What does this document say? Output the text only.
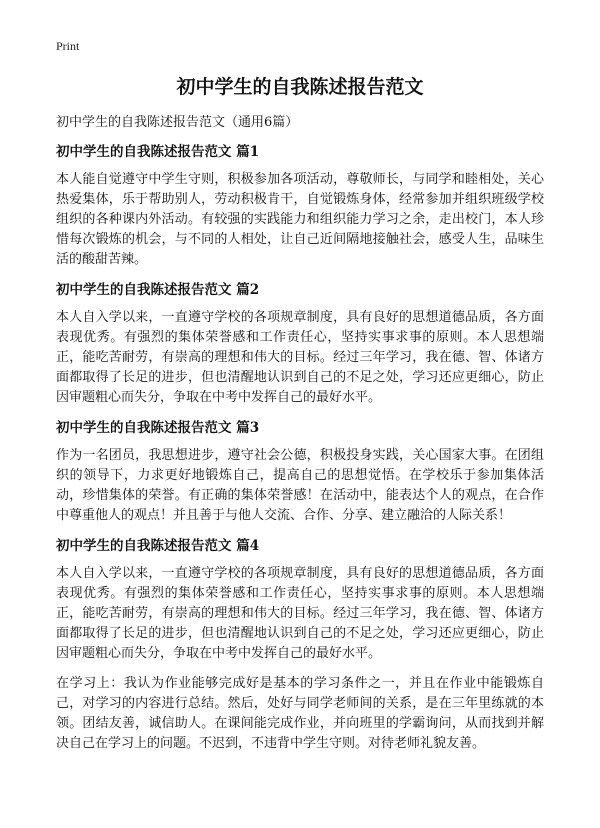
Print
初中学生的自我陈述报告范文
初中学生的自我陈述报告范文（通用6篇）
初中学生的自我陈述报告范文 篇1

本人能自觉遵守中学生守则，积极参加各项活动，尊敬师长，与同学和睦相处，关心热爱集体，乐于帮助别人，劳动积极肯干，自觉锻炼身体，经常参加并组织班级学校组织的各种课内外活动。有较强的实践能力和组织能力学习之余，走出校门，本人珍惜每次锻炼的机会，与不同的人相处，让自己近间隔地接触社会，感受人生，品味生活的酸甜苦辣。

初中学生的自我陈述报告范文 篇2

本人自入学以来，一直遵守学校的各项规章制度，具有良好的思想道德品质，各方面表现优秀。有强烈的集体荣誉感和工作责任心，坚持实事求事的原则。本人思想端正，能吃苦耐劳，有崇高的理想和伟大的目标。经过三年学习，我在德、智、体诸方面都取得了长足的进步，但也清醒地认识到自己的不足之处，学习还应更细心，防止因审题粗心而失分，争取在中考中发挥自己的最好水平。

初中学生的自我陈述报告范文 篇3

作为一名团员，我思想进步，遵守社会公德，积极投身实践，关心国家大事。在团组织的领导下，力求更好地锻炼自己，提高自己的思想觉悟。在学校乐于参加集体活动，珍惜集体的荣誉。有正确的集体荣誉感！在活动中，能表达个人的观点，在合作中尊重他人的观点！并且善于与他人交流、合作、分享、建立融洽的人际关系！

初中学生的自我陈述报告范文 篇4

本人自入学以来，一直遵守学校的各项规章制度，具有良好的思想道德品质，各方面表现优秀。有强烈的集体荣誉感和工作责任心，坚持实事求事的原则。本人思想端正，能吃苦耐劳，有崇高的理想和伟大的目标。经过三年学习，我在德、智、体诸方面都取得了长足的进步，但也清醒地认识到自己的不足之处，学习还应更细心，防止因审题粗心而失分，争取在中考中发挥自己的最好水平。

在学习上：我认为作业能够完成好是基本的学习条件之一，并且在作业中能锻炼自己，对学习的内容进行总结。然后，处好与同学老师间的关系，是在三年里练就的本领。团结友善，诚信助人。在课间能完成作业，并向班里的学霸询问，从而找到并解决自己在学习上的问题。不迟到，不违背中学生守则。对待老师礼貌友善。
